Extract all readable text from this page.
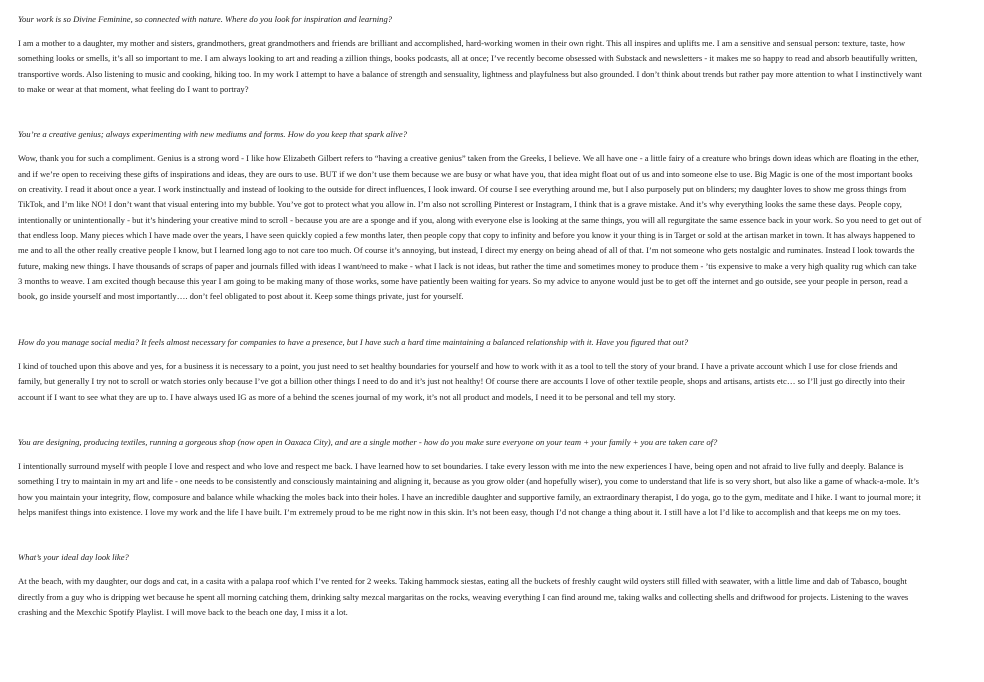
Your work is so Divine Feminine, so connected with nature. Where do you look for inspiration and learning?

I am a mother to a daughter, my mother and sisters, grandmothers, great grandmothers and friends are brilliant and accomplished, hard-working women in their own right. This all inspires and uplifts me. I am a sensitive and sensual person: texture, taste, how something looks or smells, it’s all so important to me. I am always looking to art and reading a zillion things, books podcasts, all at once; I’ve recently become obsessed with Substack and newsletters - it makes me so happy to read and absorb beautifully written, transportive words. Also listening to music and cooking, hiking too. In my work I attempt to have a balance of strength and sensuality, lightness and playfulness but also grounded. I don’t think about trends but rather pay more attention to what I instinctively want to make or wear at that moment, what feeling do I want to portray?

You’re a creative genius; always experimenting with new mediums and forms. How do you keep that spark alive?

Wow, thank you for such a compliment. Genius is a strong word - I like how Elizabeth Gilbert refers to “having a creative genius” taken from the Greeks, I believe. We all have one - a little fairy of a creature who brings down ideas which are floating in the ether, and if we’re open to receiving these gifts of inspirations and ideas, they are ours to use. BUT if we don’t use them because we are busy or what have you, that idea might float out of us and into someone else to use. Big Magic is one of the most important books on creativity. I read it about once a year. I work instinctually and instead of looking to the outside for direct influences, I look inward. Of course I see everything around me, but I also purposely put on blinders; my daughter loves to show me gross things from TikTok, and I’m like NO! I don’t want that visual entering into my bubble. You’ve got to protect what you allow in. I’m also not scrolling Pinterest or Instagram, I think that is a grave mistake. And it’s why everything looks the same these days. People copy, intentionally or unintentionally - but it’s hindering your creative mind to scroll - because you are are a sponge and if you, along with everyone else is looking at the same things, you will all regurgitate the same essence back in your work. So you need to get out of that endless loop. Many pieces which I have made over the years, I have seen quickly copied a few months later, then people copy that copy to infinity and before you know it your thing is in Target or sold at the artisan market in town. It has always happened to me and to all the other really creative people I know, but I learned long ago to not care too much. Of course it’s annoying, but instead, I direct my energy on being ahead of all of that. I’m not someone who gets nostalgic and ruminates. Instead I look towards the future, making new things. I have thousands of scraps of paper and journals filled with ideas I want/need to make - what I lack is not ideas, but rather the time and sometimes money to produce them - ’tis expensive to make a very high quality rug which can take 3 months to weave. I am excited though because this year I am going to be making many of those works, some have patiently been waiting for years. So my advice to anyone would just be to get off the internet and go outside, see your people in person, read a book, go inside yourself and most importantly…. don’t feel obligated to post about it. Keep some things private, just for yourself.

How do you manage social media? It feels almost necessary for companies to have a presence, but I have such a hard time maintaining a balanced relationship with it. Have you figured that out?

I kind of touched upon this above and yes, for a business it is necessary to a point, you just need to set healthy boundaries for yourself and how to work with it as a tool to tell the story of your brand. I have a private account which I use for close friends and family, but generally I try not to scroll or watch stories only because I’ve got a billion other things I need to do and it’s just not healthy! Of course there are accounts I love of other textile people, shops and artisans, artists etc… so I’ll just go directly into their account if I want to see what they are up to. I have always used IG as more of a behind the scenes journal of my work, it’s not all product and models, I need it to be personal and tell my story.

You are designing, producing textiles, running a gorgeous shop (now open in Oaxaca City), and are a single mother - how do you make sure everyone on your team + your family + you are taken care of?

I intentionally surround myself with people I love and respect and who love and respect me back. I have learned how to set boundaries. I take every lesson with me into the new experiences I have, being open and not afraid to live fully and deeply. Balance is something I try to maintain in my art and life - one needs to be consistently and consciously maintaining and aligning it, because as you grow older (and hopefully wiser), you come to understand that life is so very short, but also like a game of whack-a-mole. It’s how you maintain your integrity, flow, composure and balance while whacking the moles back into their holes. I have an incredible daughter and supportive family, an extraordinary therapist, I do yoga, go to the gym, meditate and I hike. I want to journal more; it helps manifest things into existence. I love my work and the life I have built. I’m extremely proud to be me right now in this skin. It’s not been easy, though I’d not change a thing about it. I still have a lot I’d like to accomplish and that keeps me on my toes.

What’s your ideal day look like?

At the beach, with my daughter, our dogs and cat, in a casita with a palapa roof which I’ve rented for 2 weeks. Taking hammock siestas, eating all the buckets of freshly caught wild oysters still filled with seawater, with a little lime and dab of Tabasco, bought directly from a guy who is dripping wet because he spent all morning catching them, drinking salty mezcal margaritas on the rocks, weaving everything I can find around me, taking walks and collecting shells and driftwood for projects. Listening to the waves crashing and the Mexchic Spotify Playlist. I will move back to the beach one day, I miss it a lot.
